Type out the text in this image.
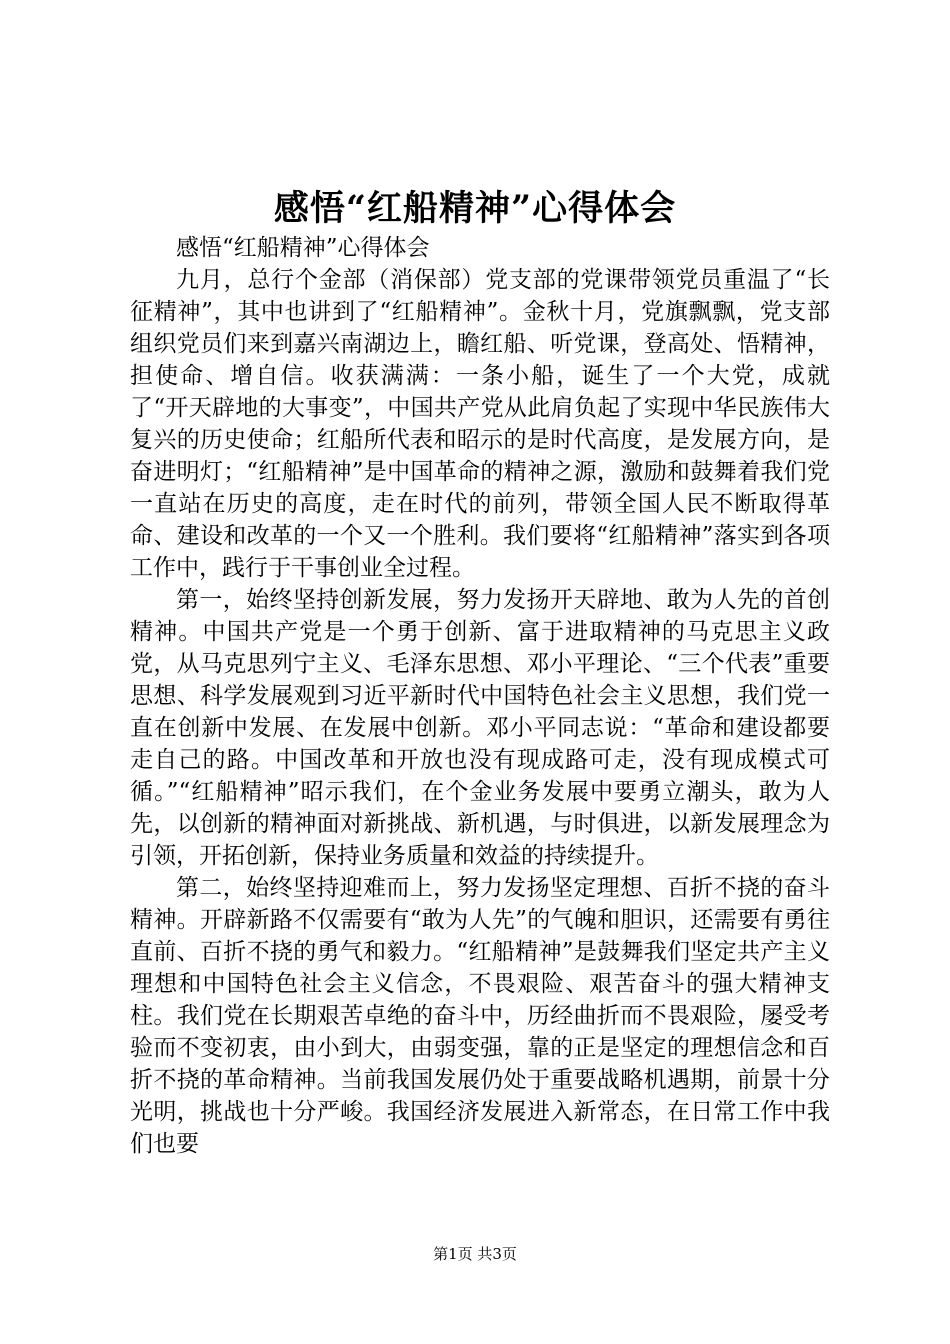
感悟“红船精神”心得体会

感悟“红船精神”心得体会

九月，总行个金部（消保部）党支部的党课带领党员重温了“长征精神”，其中也讲到了“红船精神”。金秋十月，党旗飘飘，党支部组织党员们来到嘉兴南湖边上，瞻红船、听党课，登高处、悟精神，担使命、增自信。收获满满：一条小船，诞生了一个大党，成就了“开天辟地的大事变”，中国共产党从此肩负起了实现中华民族伟大复兴的历史使命；红船所代表和昭示的是时代高度，是发展方向，是奋进明灯；“红船精神”是中国革命的精神之源，激励和鼓舞着我们党一直站在历史的高度，走在时代的前列，带领全国人民不断取得革命、建设和改革的一个又一个胜利。我们要将“红船精神”落实到各项工作中，践行于干事创业全过程。

第一，始终坚持创新发展，努力发扬开天辟地、敢为人先的首创精神。中国共产党是一个勇于创新、富于进取精神的马克思主义政党，从马克思列宁主义、毛泽东思想、邓小平理论、“三个代表”重要思想、科学发展观到习近平新时代中国特色社会主义思想，我们党一直在创新中发展、在发展中创新。邓小平同志说：“革命和建设都要走自己的路。中国改革和开放也没有现成路可走，没有现成模式可循。”“红船精神”昭示我们，在个金业务发展中要勇立潮头，敢为人先，以创新的精神面对新挑战、新机遇，与时俱进，以新发展理念为引领，开拓创新，保持业务质量和效益的持续提升。

第二，始终坚持迎难而上，努力发扬坚定理想、百折不挠的奋斗精神。开辟新路不仅需要有“敢为人先”的气魄和胆识，还需要有勇往直前、百折不挠的勇气和毅力。“红船精神”是鼓舞我们坚定共产主义理想和中国特色社会主义信念，不畏艰险、艰苦奋斗的强大精神支柱。我们党在长期艰苦卓绝的奋斗中，历经曲折而不畏艰险，屡受考验而不变初衷，由小到大，由弱变强，靠的正是坚定的理想信念和百折不挠的革命精神。当前我国发展仍处于重要战略机遇期，前景十分光明，挑战也十分严峻。我国经济发展进入新常态，在日常工作中我们也要

第1页 共3页
